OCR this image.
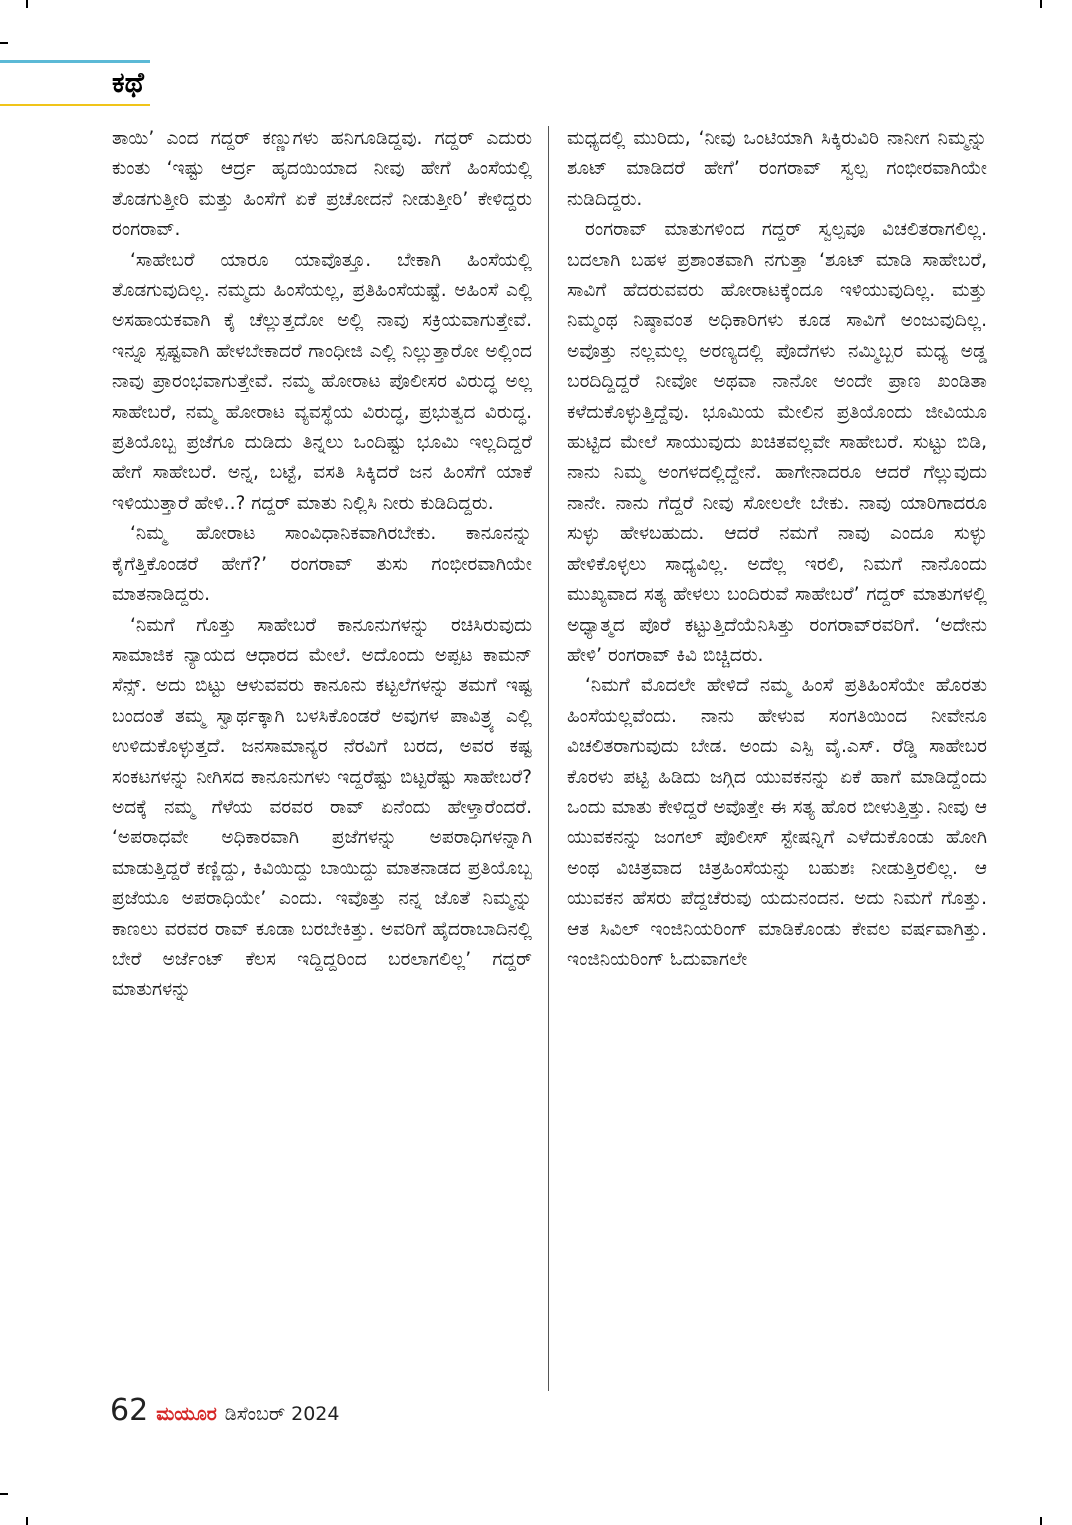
ಕಥೆ

ತಾಯಿ’ ಎಂದ ಗದ್ದರ್ ಕಣ್ಣುಗಳು ಹನಿಗೂಡಿದ್ದವು. ಗದ್ದರ್ ಎದುರು ಕುಂತು ‘ಇಷ್ಟು ಆರ್ದ್ರ ಹೃದಯಿಯಾದ ನೀವು ಹೇಗೆ ಹಿಂಸೆಯಲ್ಲಿ ತೊಡಗುತ್ತೀರಿ ಮತ್ತು ಹಿಂಸೆಗೆ ಏಕೆ ಪ್ರಚೋದನೆ ನೀಡುತ್ತೀರಿ’ ಕೇಳಿದ್ದರು ರಂಗರಾವ್.

‘ಸಾಹೇಬರೆ ಯಾರೂ ಯಾವೊತ್ತೂ. ಬೇಕಾಗಿ ಹಿಂಸೆಯಲ್ಲಿ ತೊಡಗುವುದಿಲ್ಲ. ನಮ್ಮದು ಹಿಂಸೆಯಲ್ಲ, ಪ್ರತಿಹಿಂಸೆಯಷ್ಟೆ. ಅಹಿಂಸೆ ಎಲ್ಲಿ ಅಸಹಾಯಕವಾಗಿ ಕೈ ಚೆಲ್ಲುತ್ತದೋ ಅಲ್ಲಿ ನಾವು ಸಕ್ರಿಯವಾಗುತ್ತೇವೆ. ಇನ್ನೂ ಸ್ಪಷ್ಟವಾಗಿ ಹೇಳಬೇಕಾದರೆ ಗಾಂಧೀಜಿ ಎಲ್ಲಿ ನಿಲ್ಲುತ್ತಾರೋ ಅಲ್ಲಿಂದ ನಾವು ಪ್ರಾರಂಭವಾಗುತ್ತೇವೆ. ನಮ್ಮ ಹೋರಾಟ ಪೊಲೀಸರ ವಿರುದ್ಧ ಅಲ್ಲ ಸಾಹೇಬರೆ, ನಮ್ಮ ಹೋರಾಟ ವ್ಯವಸ್ಥೆಯ ವಿರುದ್ಧ, ಪ್ರಭುತ್ವದ ವಿರುದ್ಧ. ಪ್ರತಿಯೊಬ್ಬ ಪ್ರಜೆಗೂ ದುಡಿದು ತಿನ್ನಲು ಒಂದಿಷ್ಟು ಭೂಮಿ ಇಲ್ಲದಿದ್ದರೆ ಹೇಗೆ ಸಾಹೇಬರೆ. ಅನ್ನ, ಬಟ್ಟೆ, ವಸತಿ ಸಿಕ್ಕಿದರೆ ಜನ ಹಿಂಸೆಗೆ ಯಾಕೆ ಇಳಿಯುತ್ತಾರೆ ಹೇಳಿ..? ಗದ್ದರ್ ಮಾತು ನಿಲ್ಲಿಸಿ ನೀರು ಕುಡಿದಿದ್ದರು.

‘ನಿಮ್ಮ ಹೋರಾಟ ಸಾಂವಿಧಾನಿಕವಾಗಿರಬೇಕು. ಕಾನೂನನ್ನು ಕೈಗೆತ್ತಿಕೊಂಡರೆ ಹೇಗೆ?’ ರಂಗರಾವ್ ತುಸು ಗಂಭೀರವಾಗಿಯೇ ಮಾತನಾಡಿದ್ದರು.

‘ನಿಮಗೆ ಗೊತ್ತು ಸಾಹೇಬರೆ ಕಾನೂನುಗಳನ್ನು ರಚಿಸಿರುವುದು ಸಾಮಾಜಿಕ ನ್ಯಾಯದ ಆಧಾರದ ಮೇಲೆ. ಅದೊಂದು ಅಪ್ಪಟ ಕಾಮನ್ ಸೆನ್ಸ್. ಅದು ಬಿಟ್ಟು ಆಳುವವರು ಕಾನೂನು ಕಟ್ಟಲೆಗಳನ್ನು ತಮಗೆ ಇಷ್ಟ ಬಂದಂತೆ ತಮ್ಮ ಸ್ವಾರ್ಥಕ್ಕಾಗಿ ಬಳಸಿಕೊಂಡರೆ ಅವುಗಳ ಪಾವಿತ್ರ್ಯ ಎಲ್ಲಿ ಉಳಿದುಕೊಳ್ಳುತ್ತದೆ. ಜನಸಾಮಾನ್ಯರ ನೆರವಿಗೆ ಬರದ, ಅವರ ಕಷ್ಟ ಸಂಕಟಗಳನ್ನು ನೀಗಿಸದ ಕಾನೂನುಗಳು ಇದ್ದರೆಷ್ಟು ಬಿಟ್ಟರೆಷ್ಟು ಸಾಹೇಬರೆ? ಅದಕ್ಕೆ ನಮ್ಮ ಗೆಳೆಯ ವರವರ ರಾವ್ ಏನೆಂದು ಹೇಳ್ತಾರೆಂದರೆ. ‘ಅಪರಾಧವೇ ಅಧಿಕಾರವಾಗಿ ಪ್ರಜೆಗಳನ್ನು ಅಪರಾಧಿಗಳನ್ನಾಗಿ ಮಾಡುತ್ತಿದ್ದರೆ ಕಣ್ಣಿದ್ದು, ಕಿವಿಯಿದ್ದು ಬಾಯಿದ್ದು ಮಾತನಾಡದ ಪ್ರತಿಯೊಬ್ಬ ಪ್ರಜೆಯೂ ಅಪರಾಧಿಯೇ’ ಎಂದು. ಇವೊತ್ತು ನನ್ನ ಜೊತೆ ನಿಮ್ಮನ್ನು ಕಾಣಲು ವರವರ ರಾವ್ ಕೂಡಾ ಬರಬೇಕಿತ್ತು. ಅವರಿಗೆ ಹೈದರಾಬಾದಿನಲ್ಲಿ ಬೇರೆ ಅರ್ಜೆಂಟ್ ಕೆಲಸ ಇದ್ದಿದ್ದರಿಂದ ಬರಲಾಗಲಿಲ್ಲ’ ಗದ್ದರ್ ಮಾತುಗಳನ್ನು

ಮಧ್ಯದಲ್ಲಿ ಮುರಿದು, ‘ನೀವು ಒಂಟಿಯಾಗಿ ಸಿಕ್ಕಿರುವಿರಿ ನಾನೀಗ ನಿಮ್ಮನ್ನು ಶೂಟ್ ಮಾಡಿದರೆ ಹೇಗೆ’ ರಂಗರಾವ್ ಸ್ವಲ್ಪ ಗಂಭೀರವಾಗಿಯೇ ನುಡಿದಿದ್ದರು.

ರಂಗರಾವ್ ಮಾತುಗಳಿಂದ ಗದ್ದರ್ ಸ್ವಲ್ಪವೂ ವಿಚಲಿತರಾಗಲಿಲ್ಲ. ಬದಲಾಗಿ ಬಹಳ ಪ್ರಶಾಂತವಾಗಿ ನಗುತ್ತಾ ‘ಶೂಟ್ ಮಾಡಿ ಸಾಹೇಬರೆ, ಸಾವಿಗೆ ಹೆದರುವವರು ಹೋರಾಟಕ್ಕೆಂದೂ ಇಳಿಯುವುದಿಲ್ಲ. ಮತ್ತು ನಿಮ್ಮಂಥ ನಿಷ್ಠಾವಂತ ಅಧಿಕಾರಿಗಳು ಕೂಡ ಸಾವಿಗೆ ಅಂಜುವುದಿಲ್ಲ. ಅವೊತ್ತು ನಲ್ಲಮಲ್ಲ ಅರಣ್ಯದಲ್ಲಿ ಪೊದೆಗಳು ನಮ್ಮಿಬ್ಬರ ಮಧ್ಯ ಅಡ್ಡ ಬರದಿದ್ದಿದ್ದರೆ ನೀವೋ ಅಥವಾ ನಾನೋ ಅಂದೇ ಪ್ರಾಣ ಖಂಡಿತಾ ಕಳೆದುಕೊಳ್ಳುತ್ತಿದ್ದೆವು. ಭೂಮಿಯ ಮೇಲಿನ ಪ್ರತಿಯೊಂದು ಜೀವಿಯೂ ಹುಟ್ಟಿದ ಮೇಲೆ ಸಾಯುವುದು ಖಚಿತವಲ್ಲವೇ ಸಾಹೇಬರೆ. ಸುಟ್ಟು ಬಿಡಿ, ನಾನು ನಿಮ್ಮ ಅಂಗಳದಲ್ಲಿದ್ದೇನೆ. ಹಾಗೇನಾದರೂ ಆದರೆ ಗೆಲ್ಲುವುದು ನಾನೇ. ನಾನು ಗೆದ್ದರೆ ನೀವು ಸೋಲಲೇ ಬೇಕು. ನಾವು ಯಾರಿಗಾದರೂ ಸುಳ್ಳು ಹೇಳಬಹುದು. ಆದರೆ ನಮಗೆ ನಾವು ಎಂದೂ ಸುಳ್ಳು ಹೇಳಿಕೊಳ್ಳಲು ಸಾಧ್ಯವಿಲ್ಲ. ಅದೆಲ್ಲ ಇರಲಿ, ನಿಮಗೆ ನಾನೊಂದು ಮುಖ್ಯವಾದ ಸತ್ಯ ಹೇಳಲು ಬಂದಿರುವೆ ಸಾಹೇಬರೆ’ ಗದ್ದರ್ ಮಾತುಗಳಲ್ಲಿ ಅಧ್ಯಾತ್ಮದ ಪೊರೆ ಕಟ್ಟುತ್ತಿದೆಯೆನಿಸಿತ್ತು ರಂಗರಾವ್‌ರವರಿಗೆ. ‘ಅದೇನು ಹೇಳಿ’ ರಂಗರಾವ್ ಕಿವಿ ಬಿಚ್ಚಿದರು.

‘ನಿಮಗೆ ಮೊದಲೇ ಹೇಳಿದೆ ನಮ್ಮ ಹಿಂಸೆ ಪ್ರತಿಹಿಂಸೆಯೇ ಹೊರತು ಹಿಂಸೆಯಲ್ಲವೆಂದು. ನಾನು ಹೇಳುವ ಸಂಗತಿಯಿಂದ ನೀವೇನೂ ವಿಚಲಿತರಾಗುವುದು ಬೇಡ. ಅಂದು ಎಸ್ಪಿ ವೈ.ಎಸ್. ರೆಡ್ಡಿ ಸಾಹೇಬರ ಕೊರಳು ಪಟ್ಟಿ ಹಿಡಿದು ಜಗ್ಗಿದ ಯುವಕನನ್ನು ಏಕೆ ಹಾಗೆ ಮಾಡಿದ್ದೆಂದು ಒಂದು ಮಾತು ಕೇಳಿದ್ದರೆ ಅವೊತ್ತೇ ಈ ಸತ್ಯ ಹೊರ ಬೀಳುತ್ತಿತ್ತು. ನೀವು ಆ ಯುವಕನನ್ನು ಜಂಗಲ್ ಪೊಲೀಸ್ ಸ್ಟೇಷನ್ನಿಗೆ ಎಳೆದುಕೊಂಡು ಹೋಗಿ ಅಂಥ ವಿಚಿತ್ರವಾದ ಚಿತ್ರಹಿಂಸೆಯನ್ನು ಬಹುಶಃ ನೀಡುತ್ತಿರಲಿಲ್ಲ. ಆ ಯುವಕನ ಹೆಸರು ಪೆದ್ದಚೆರುವು ಯದುನಂದನ. ಅದು ನಿಮಗೆ ಗೊತ್ತು. ಆತ ಸಿವಿಲ್ ಇಂಜಿನಿಯರಿಂಗ್ ಮಾಡಿಕೊಂಡು ಕೇವಲ ವರ್ಷವಾಗಿತ್ತು. ಇಂಜಿನಿಯರಿಂಗ್ ಓದುವಾಗಲೇ

62 ಮಯೂರ ಡಿಸೆಂಬರ್ 2024
